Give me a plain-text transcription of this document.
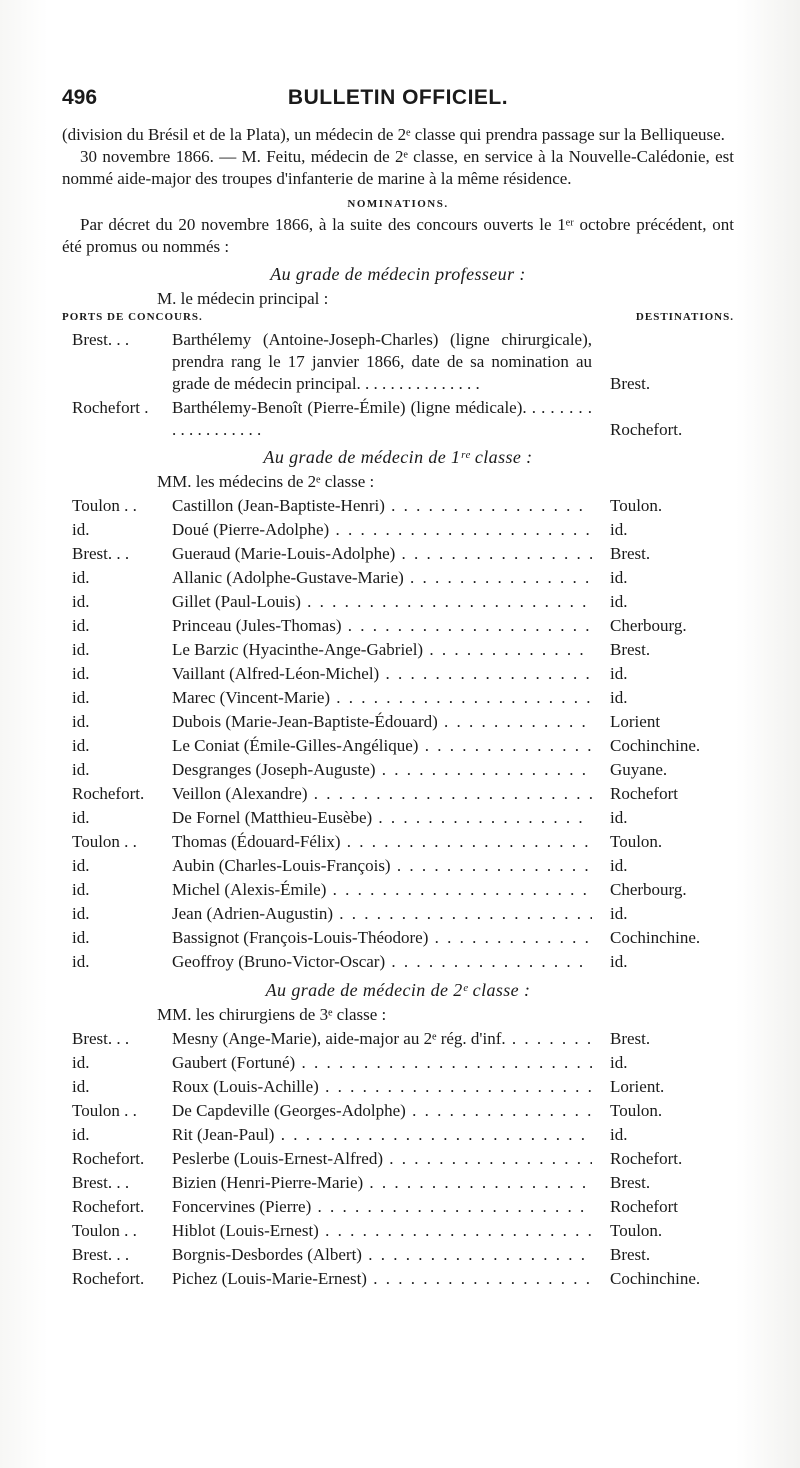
496	BULLETIN OFFICIEL.

(division du Brésil et de la Plata), un médecin de 2ᵉ classe qui prendra passage sur la Belliqueuse.

30 novembre 1866. — M. Feitu, médecin de 2ᵉ classe, en service à la Nouvelle-Calédonie, est nommé aide-major des troupes d'infanterie de marine à la même résidence.

NOMINATIONS.

Par décret du 20 novembre 1866, à la suite des concours ouverts le 1ᵉʳ octobre précédent, ont été promus ou nommés :

Au grade de médecin professeur :
M. le médecin principal :
PORTS DE CONCOURS.	DESTINATIONS.
Brest. . .	Barthélemy (Antoine-Joseph-Charles) (ligne chirurgicale), prendra rang le 17 janvier 1866, date de sa nomination au grade de médecin principal. . . . . . . . . . . . . . .	Brest.
Rochefort .	Barthélemy-Benoît (Pierre-Émile) (ligne médicale). . . . . . . . . . . . . . . . . . .	Rochefort.
Au grade de médecin de 1ʳᵉ classe :
MM. les médecins de 2ᵉ classe :
Toulon . .	Castillon (Jean-Baptiste-Henri) . . .	Toulon.
id.	Doué (Pierre-Adolphe) . . .	id.
Brest. . .	Gueraud (Marie-Louis-Adolphe) . . .	Brest.
id.	Allanic (Adolphe-Gustave-Marie) . . .	id.
id.	Gillet (Paul-Louis) . . .	id.
id.	Princeau (Jules-Thomas) . . .	Cherbourg.
id.	Le Barzic (Hyacinthe-Ange-Gabriel) . . .	Brest.
id.	Vaillant (Alfred-Léon-Michel) . . .	id.
id.	Marec (Vincent-Marie) . . .	id.
id.	Dubois (Marie-Jean-Baptiste-Édouard) . . .	Lorient
id.	Le Coniat (Émile-Gilles-Angélique) . . .	Cochinchine.
id.	Desgranges (Joseph-Auguste) . . .	Guyane.
Rochefort.	Veillon (Alexandre) . . .	Rochefort
id.	De Fornel (Matthieu-Eusèbe) . . .	id.
Toulon . .	Thomas (Édouard-Félix) . . .	Toulon.
id.	Aubin (Charles-Louis-François) . . .	id.
id.	Michel (Alexis-Émile) . . .	Cherbourg.
id.	Jean (Adrien-Augustin) . . .	id.
id.	Bassignot (François-Louis-Théodore) . . .	Cochinchine.
id.	Geoffroy (Bruno-Victor-Oscar) . . .	id.
Au grade de médecin de 2ᵉ classe :
MM. les chirurgiens de 3ᵉ classe :
Brest. . .	Mesny (Ange-Marie), aide-major au 2ᵉ rég. d'inf. . . .	Brest.
id.	Gaubert (Fortuné) . . .	id.
id.	Roux (Louis-Achille) . . .	Lorient.
Toulon . .	De Capdeville (Georges-Adolphe) . . .	Toulon.
id.	Rit (Jean-Paul) . . .	id.
Rochefort.	Peslerbe (Louis-Ernest-Alfred) . . .	Rochefort.
Brest. . .	Bizien (Henri-Pierre-Marie) . . .	Brest.
Rochefort.	Foncervines (Pierre) . . .	Rochefort
Toulon . .	Hiblot (Louis-Ernest) . . .	Toulon.
Brest. . .	Borgnis-Desbordes (Albert) . . .	Brest.
Rochefort.	Pichez (Louis-Marie-Ernest) . . .	Cochinchine.
